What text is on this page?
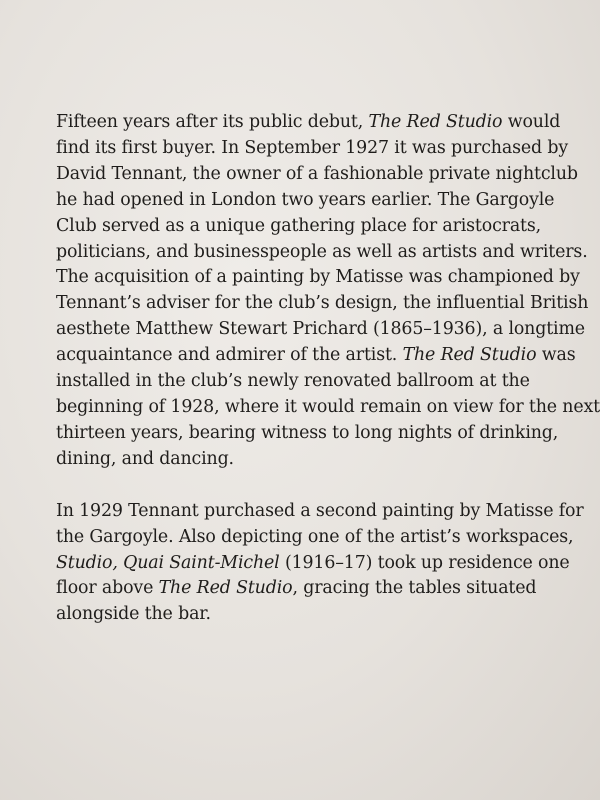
Fifteen years after its public debut, The Red Studio would
find its first buyer. In September 1927 it was purchased by
David Tennant, the owner of a fashionable private nightclub
he had opened in London two years earlier. The Gargoyle
Club served as a unique gathering place for aristocrats,
politicians, and businesspeople as well as artists and writers.
The acquisition of a painting by Matisse was championed by
Tennant’s adviser for the club’s design, the influential British
aesthete Matthew Stewart Prichard (1865–1936), a longtime
acquaintance and admirer of the artist. The Red Studio was
installed in the club’s newly renovated ballroom at the
beginning of 1928, where it would remain on view for the next
thirteen years, bearing witness to long nights of drinking,
dining, and dancing.

In 1929 Tennant purchased a second painting by Matisse for
the Gargoyle. Also depicting one of the artist’s workspaces,
Studio, Quai Saint-Michel (1916–17) took up residence one
floor above The Red Studio, gracing the tables situated
alongside the bar.
